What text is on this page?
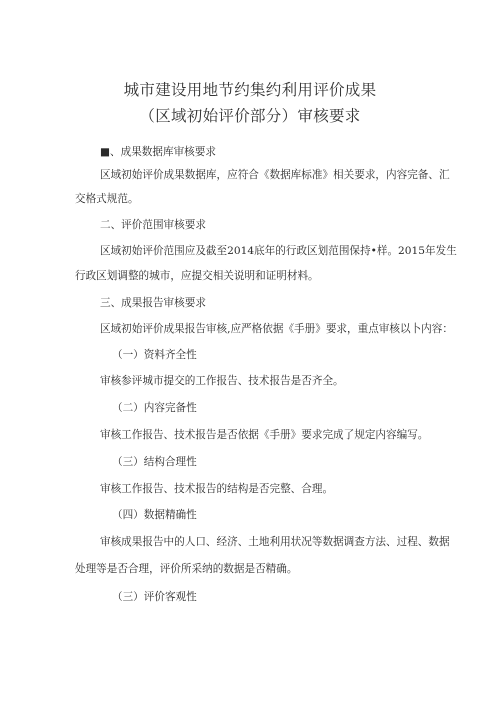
城市建设用地节约集约利用评价成果
（区域初始评价部分）审核要求
■、成果数据库审核要求
区域初始评价成果数据库，应符合《数据库标准》相关要求，内容完备、汇
交格式规范。
二、评价范围审核要求
区域初始评价范围应及截至2014底年的行政区划范围保持•样。2015年发生
行政区划调整的城市，应提交相关说明和证明材料。
三、成果报告审核要求
区域初始评价成果报告审核,应严格依据《手册》要求，重点审核以卜内容：
（一）资料齐全性
审核参评城市提交的工作报告、技术报告是否齐全。
（二）内容完备性
审核工作报告、技术报告是否依据《手册》要求完成了规定内容编写。
（三）结构合理性
审核工作报告、技术报告的结构是否完整、合理。
（四）数据精确性
审核成果报告中的人口、经济、土地利用状况等数据调查方法、过程、数据
处理等是否合理，评价所采纳的数据是否精确。
（三）评价客观性
